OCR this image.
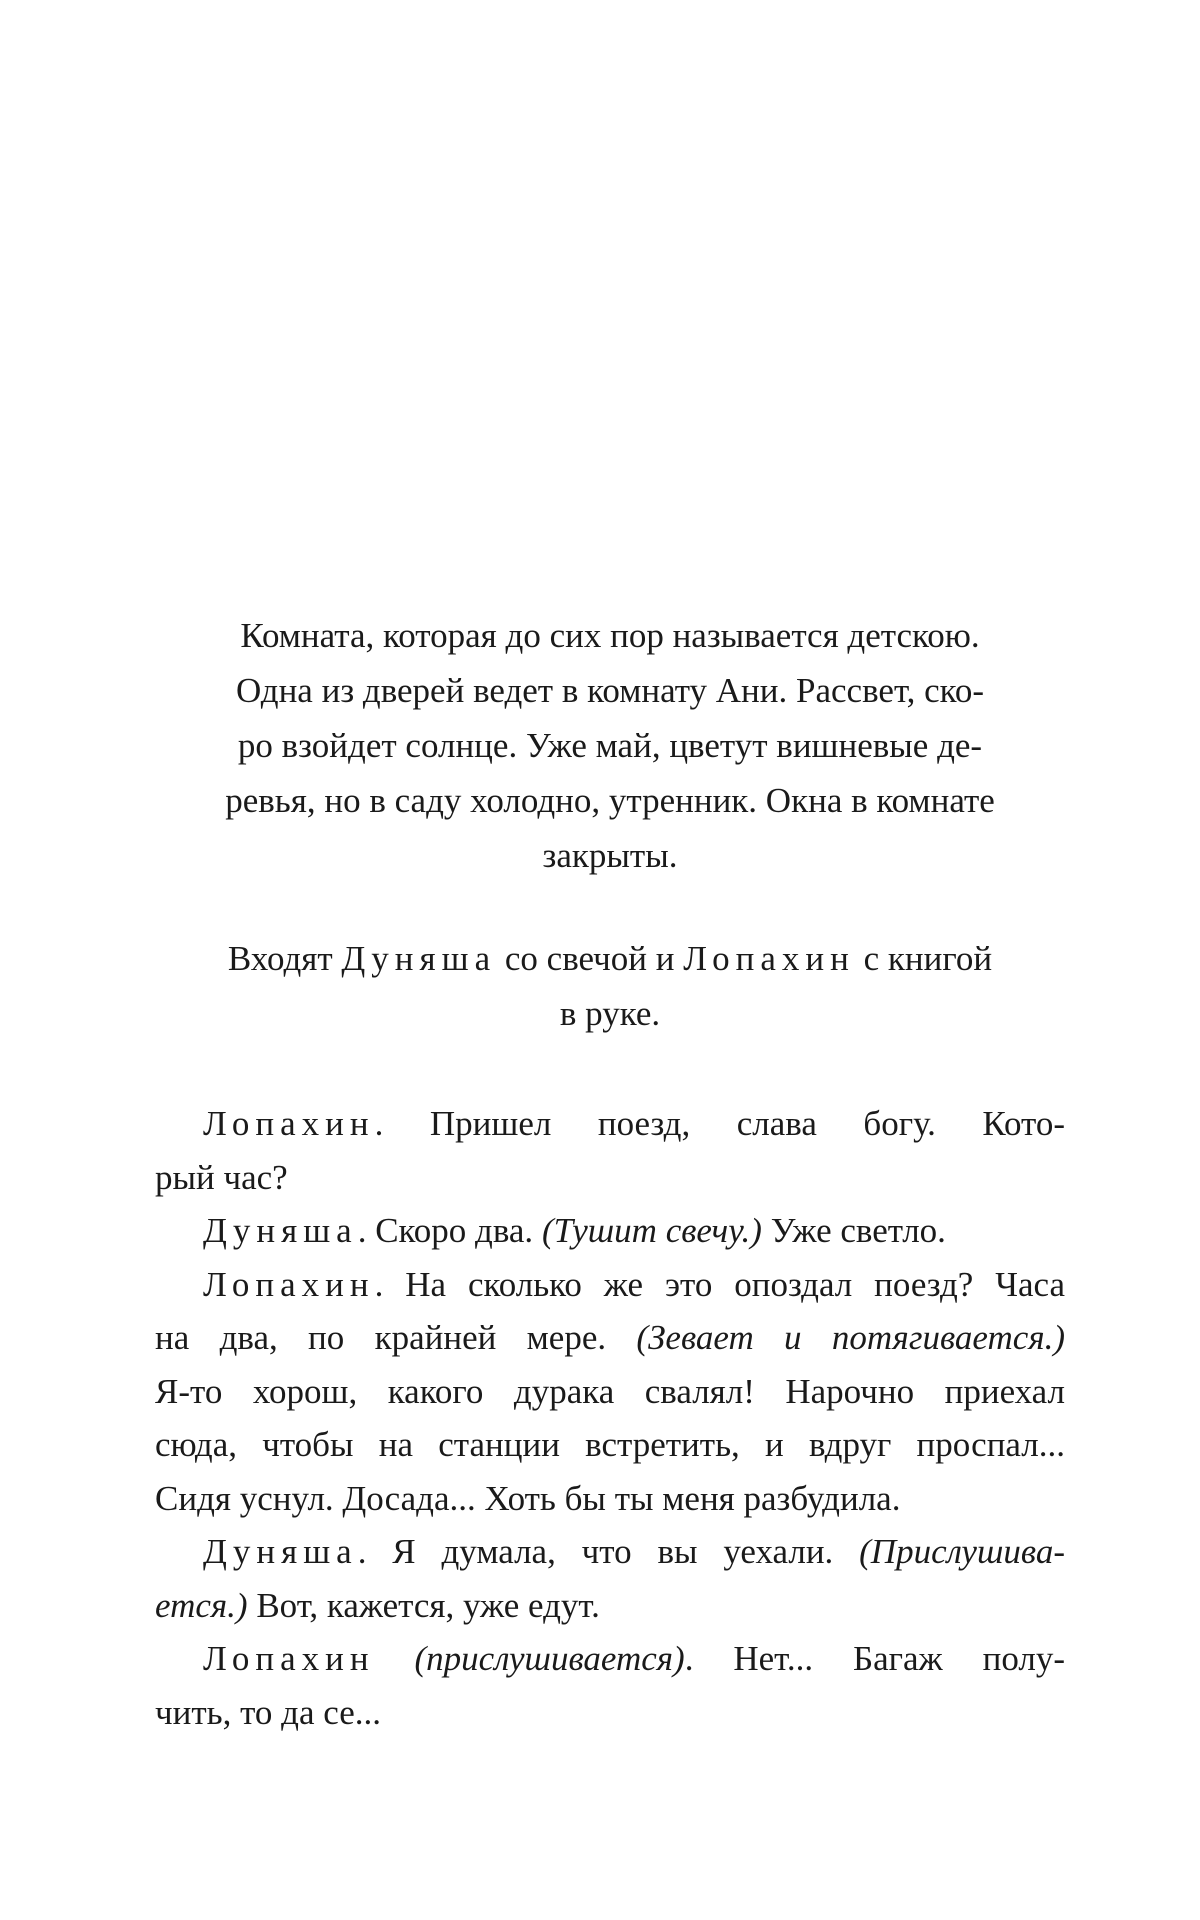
Комната, которая до сих пор называется детскою.
Одна из дверей ведет в комнату Ани. Рассвет, ско-
ро взойдет солнце. Уже май, цветут вишневые де-
ревья, но в саду холодно, утренник. Окна в комнате
закрыты.
Входят Дуняша со свечой и Лопахин с книгой
в руке.
Лопахин. Пришел поезд, слава богу. Кото-
рый час?
Дуняша. Скоро два. (Тушит свечу.) Уже светло.
Лопахин. На сколько же это опоздал поезд? Часа
на два, по крайней мере. (Зевает и потягивается.)
Я-то хорош, какого дурака свалял! Нарочно приехал
сюда, чтобы на станции встретить, и вдруг проспал...
Сидя уснул. Досада... Хоть бы ты меня разбудила.
Дуняша. Я думала, что вы уехали. (Прислушива-
ется.) Вот, кажется, уже едут.
Лопахин (прислушивается). Нет... Багаж полу-
чить, то да се...
